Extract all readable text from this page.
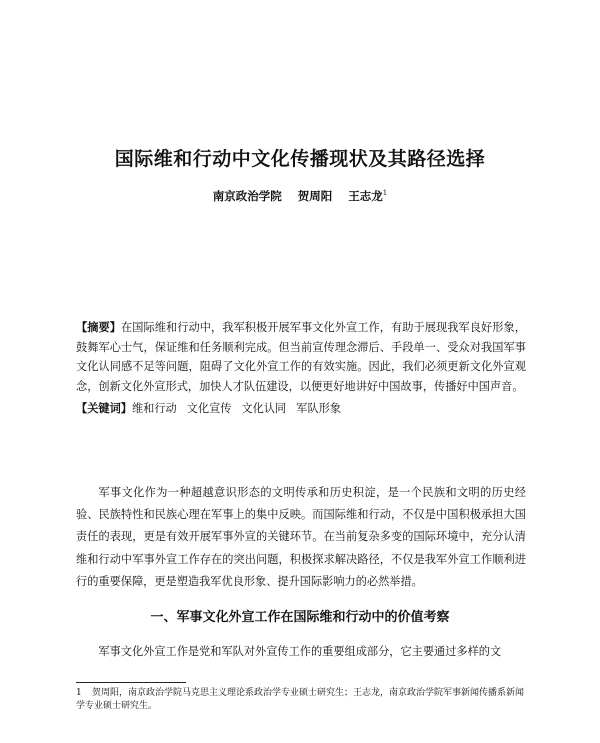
国际维和行动中文化传播现状及其路径选择
南京政治学院 贺周阳 王志龙$^1$
【摘要】在国际维和行动中，我军积极开展军事文化外宣工作，有助于展现我军良好形象，鼓舞军心士气，保证维和任务顺利完成。但当前宣传理念滞后、手段单一、受众对我国军事文化认同感不足等问题，阻碍了文化外宣工作的有效实施。因此，我们必须更新文化外宣观念，创新文化外宣形式，加快人才队伍建设，以便更好地讲好中国故事，传播好中国声音。
【关键词】维和行动 文化宣传 文化认同 军队形象
军事文化作为一种超越意识形态的文明传承和历史积淀，是一个民族和文明的历史经验、民族特性和民族心理在军事上的集中反映。而国际维和行动，不仅是中国积极承担大国责任的表现，更是有效开展军事外宣的关键环节。在当前复杂多变的国际环境中，充分认清维和行动中军事外宣工作存在的突出问题，积极探求解决路径，不仅是我军外宣工作顺利进行的重要保障，更是塑造我军优良形象、提升国际影响力的必然举措。
一、军事文化外宣工作在国际维和行动中的价值考察
军事文化外宣工作是党和军队对外宣传工作的重要组成部分，它主要通过多样的文
1 贺周阳，南京政治学院马克思主义理论系政治学专业硕士研究生；王志龙，南京政治学院军事新闻传播系新闻学专业硕士研究生。
